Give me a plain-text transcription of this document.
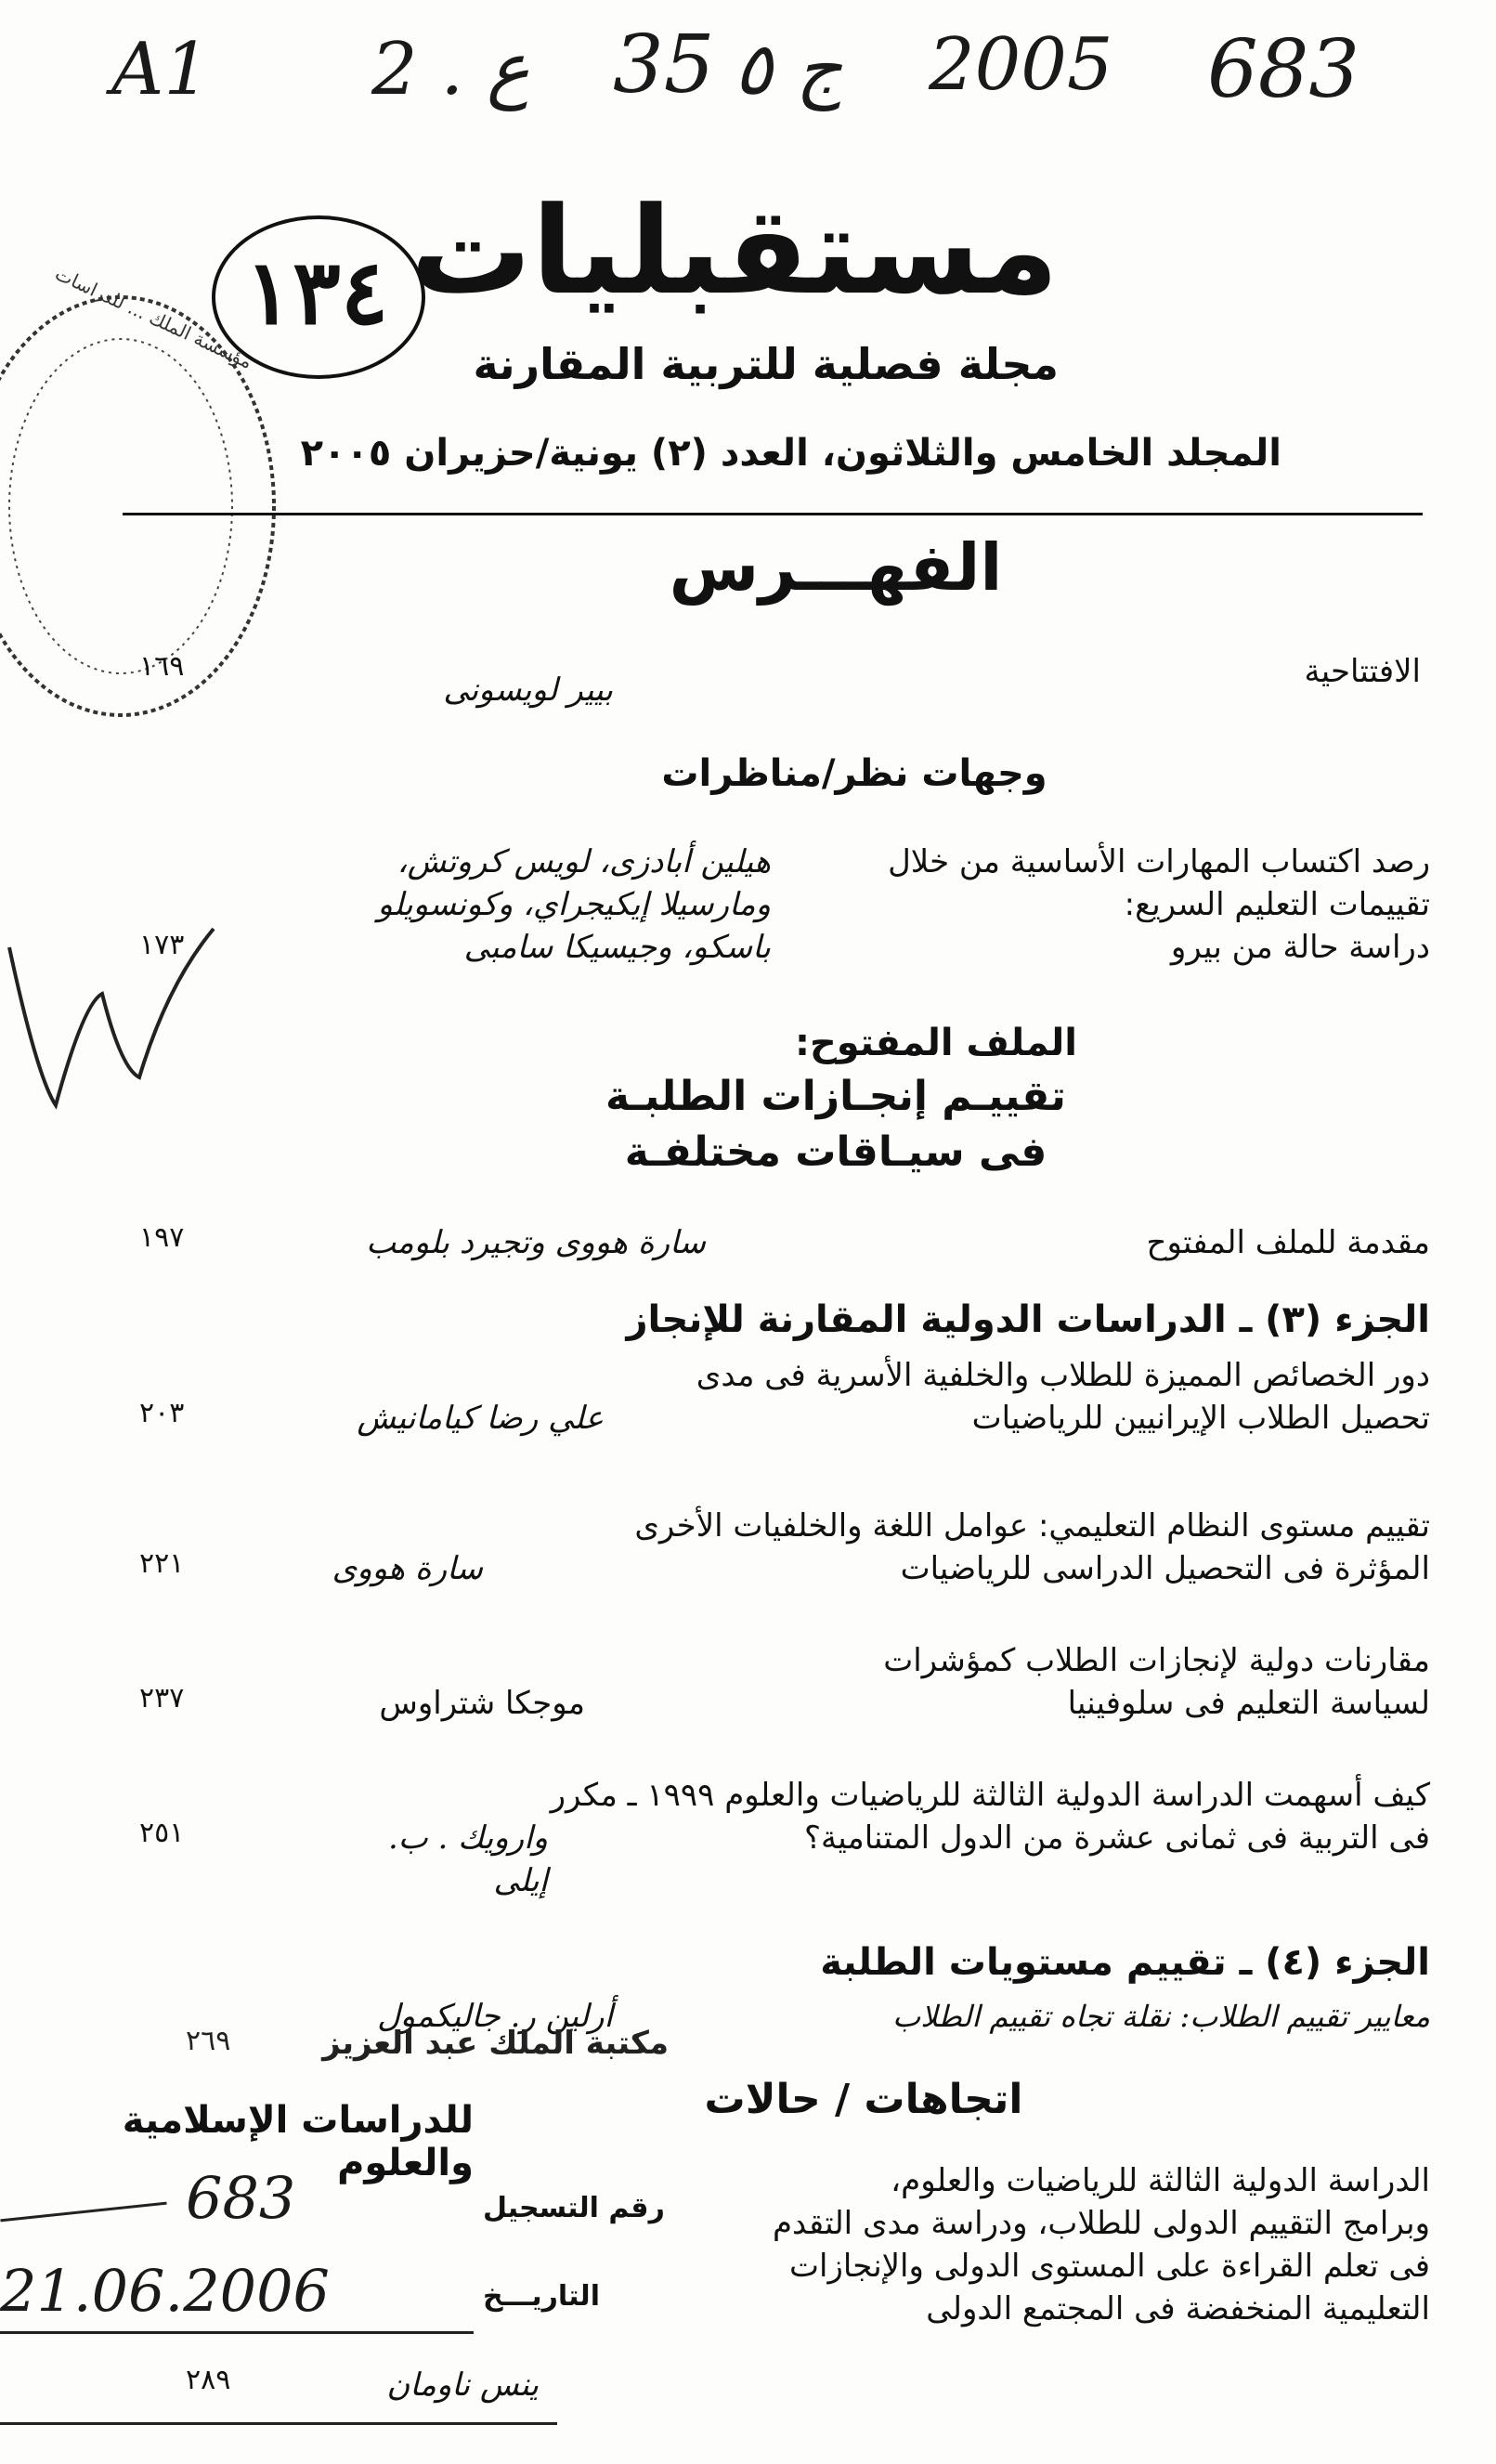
A1 2 . ع 35 ج ٥ 2005 683
مؤسسة الملك ... للدراسات
١٣٤ مستقبليات
مجلة فصلية للتربية المقارنة
المجلد الخامس والثلاثون، العدد (٢) يونية/حزيران ٢٠٠٥
الفهـــرس
الافتتاحية
بيير لويسونى
١٦٩
وجهات نظر/مناظرات
رصد اكتساب المهارات الأساسية من خلال
تقييمات التعليم السريع:
دراسة حالة من بيرو
هيلين أبادزى، لويس كروتش،
ومارسيلا إيكيجراي، وكونسويلو
باسكو، وجيسيكا سامبى
١٧٣
الملف المفتوح:
تقييـم إنجـازات الطلبـة
فى سيـاقات مختلفـة
مقدمة للملف المفتوح
سارة هووى وتجيرد بلومب
١٩٧
الجزء (٣) ـ الدراسات الدولية المقارنة للإنجاز
دور الخصائص المميزة للطلاب والخلفية الأسرية فى مدى
تحصيل الطلاب الإيرانيين للرياضيات
علي رضا كيامانيش
٢٠٣
تقييم مستوى النظام التعليمي: عوامل اللغة والخلفيات الأخرى
المؤثرة فى التحصيل الدراسى للرياضيات
سارة هووى
٢٢١
مقارنات دولية لإنجازات الطلاب كمؤشرات
لسياسة التعليم فى سلوفينيا
موجكا شتراوس
٢٣٧
كيف أسهمت الدراسة الدولية الثالثة للرياضيات والعلوم ١٩٩٩ ـ مكرر
فى التربية فى ثمانى عشرة من الدول المتنامية؟
وارويك . ب. إيلى
٢٥١
الجزء (٤) ـ تقييم مستويات الطلبة
معايير تقييم الطلاب: نقلة تجاه تقييم الطلاب
أرلين ر. جاليكمول
اتجاهات / حالات
الدراسة الدولية الثالثة للرياضيات والعلوم،
وبرامج التقييم الدولى للطلاب، ودراسة مدى التقدم
فى تعلم القراءة على المستوى الدولى والإنجازات
التعليمية المنخفضة فى المجتمع الدولى
مكتبة الملك عبد العزيز
٢٦٩
للدراسات الإسلامية والعلوم
رقم التسجيل
683
التاريـــخ
21.06.2006
٢٨٩	ينس ناومان
